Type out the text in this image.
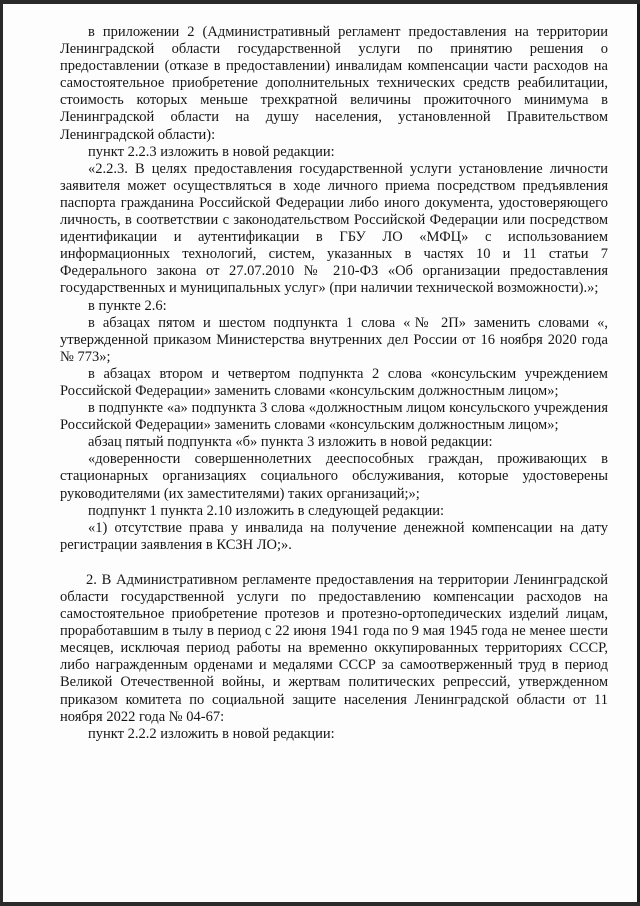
в приложении 2 (Административный регламент предоставления на территории Ленинградской области государственной услуги по принятию решения о предоставлении (отказе в предоставлении) инвалидам компенсации части расходов на самостоятельное приобретение дополнительных технических средств реабилитации, стоимость которых меньше трехкратной величины прожиточного минимума в Ленинградской области на душу населения, установленной Правительством Ленинградской области):

пункт 2.2.3 изложить в новой редакции:

«2.2.3. В целях предоставления государственной услуги установление личности заявителя может осуществляться в ходе личного приема посредством предъявления паспорта гражданина Российской Федерации либо иного документа, удостоверяющего личность, в соответствии с законодательством Российской Федерации или посредством идентификации и аутентификации в ГБУ ЛО «МФЦ» с использованием информационных технологий, систем, указанных в частях 10 и 11 статьи 7 Федерального закона от 27.07.2010 № 210-ФЗ «Об организации предоставления государственных и муниципальных услуг» (при наличии технической возможности).»;

в пункте 2.6:

в абзацах пятом и шестом подпункта 1 слова «№ 2П» заменить словами «, утвержденной приказом Министерства внутренних дел России от 16 ноября 2020 года № 773»;

в абзацах втором и четвертом подпункта 2 слова «консульским учреждением Российской Федерации» заменить словами «консульским должностным лицом»;

в подпункте «а» подпункта 3 слова «должностным лицом консульского учреждения Российской Федерации» заменить словами «консульским должностным лицом»;

абзац пятый подпункта «б» пункта 3 изложить в новой редакции:

«доверенности совершеннолетних дееспособных граждан, проживающих в стационарных организациях социального обслуживания, которые удостоверены руководителями (их заместителями) таких организаций;»;

подпункт 1 пункта 2.10 изложить в следующей редакции:

«1) отсутствие права у инвалида на получение денежной компенсации на дату регистрации заявления в КСЗН ЛО;».

2. В Административном регламенте предоставления на территории Ленинградской области государственной услуги по предоставлению компенсации расходов на самостоятельное приобретение протезов и протезно-ортопедических изделий лицам, проработавшим в тылу в период с 22 июня 1941 года по 9 мая 1945 года не менее шести месяцев, исключая период работы на временно оккупированных территориях СССР, либо награжденным орденами и медалями СССР за самоотверженный труд в период Великой Отечественной войны, и жертвам политических репрессий, утвержденном приказом комитета по социальной защите населения Ленинградской области от 11 ноября 2022 года № 04-67:

пункт 2.2.2 изложить в новой редакции:
